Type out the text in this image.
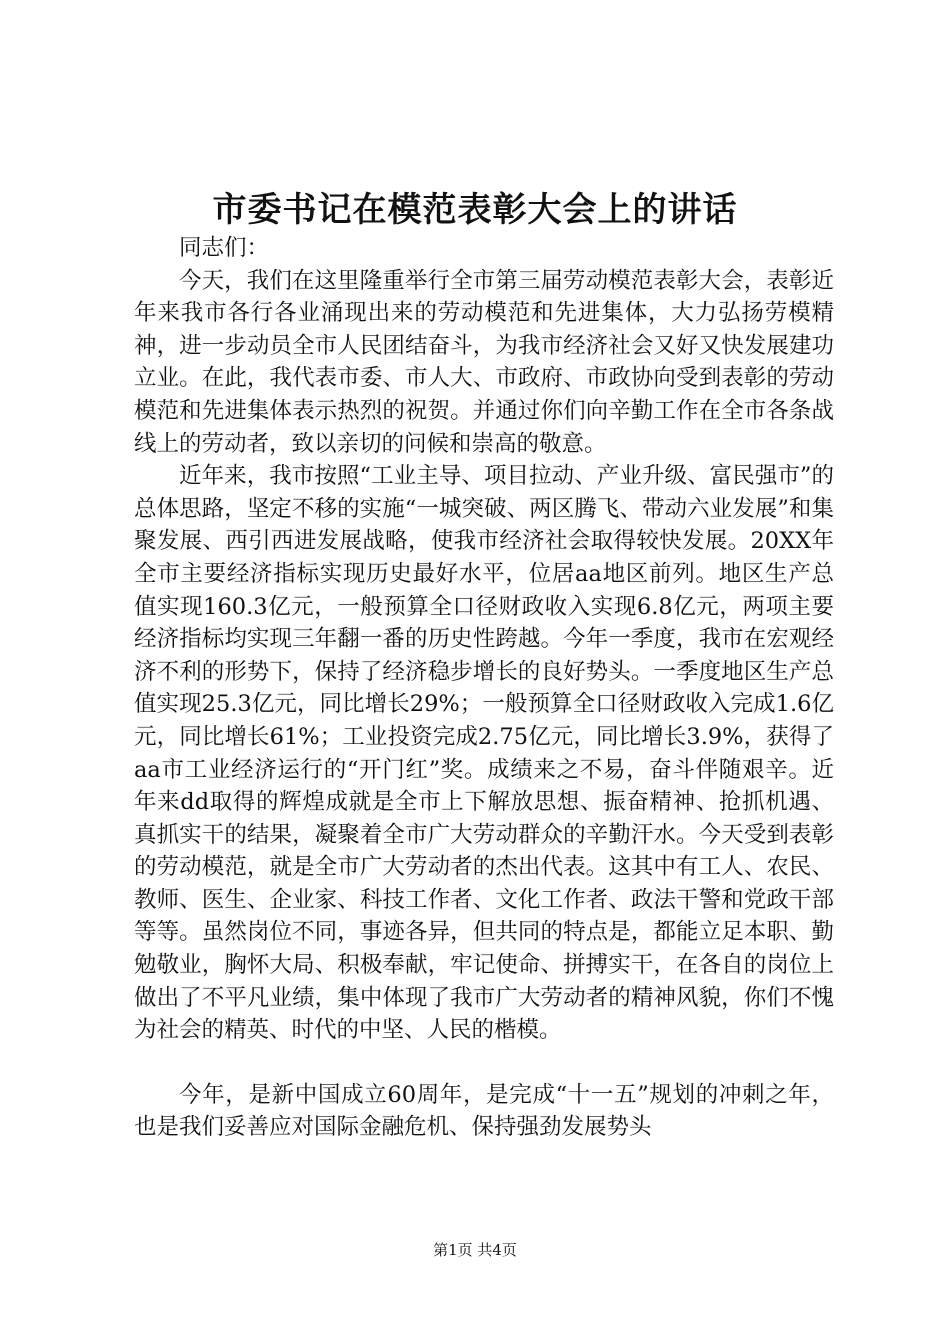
市委书记在模范表彰大会上的讲话

同志们：

今天，我们在这里隆重举行全市第三届劳动模范表彰大会，表彰近年来我市各行各业涌现出来的劳动模范和先进集体，大力弘扬劳模精神，进一步动员全市人民团结奋斗，为我市经济社会又好又快发展建功立业。在此，我代表市委、市人大、市政府、市政协向受到表彰的劳动模范和先进集体表示热烈的祝贺。并通过你们向辛勤工作在全市各条战线上的劳动者，致以亲切的问候和崇高的敬意。

近年来，我市按照“工业主导、项目拉动、产业升级、富民强市”的总体思路，坚定不移的实施“一城突破、两区腾飞、带动六业发展”和集聚发展、西引西进发展战略，使我市经济社会取得较快发展。20XX年全市主要经济指标实现历史最好水平，位居aa地区前列。地区生产总值实现160.3亿元，一般预算全口径财政收入实现6.8亿元，两项主要经济指标均实现三年翻一番的历史性跨越。今年一季度，我市在宏观经济不利的形势下，保持了经济稳步增长的良好势头。一季度地区生产总值实现25.3亿元，同比增长29%；一般预算全口径财政收入完成1.6亿元，同比增长61%；工业投资完成2.75亿元，同比增长3.9%，获得了aa市工业经济运行的“开门红”奖。成绩来之不易，奋斗伴随艰辛。近年来dd取得的辉煌成就是全市上下解放思想、振奋精神、抢抓机遇、真抓实干的结果，凝聚着全市广大劳动群众的辛勤汗水。今天受到表彰的劳动模范，就是全市广大劳动者的杰出代表。这其中有工人、农民、教师、医生、企业家、科技工作者、文化工作者、政法干警和党政干部等等。虽然岗位不同，事迹各异，但共同的特点是，都能立足本职、勤勉敬业，胸怀大局、积极奉献，牢记使命、拼搏实干，在各自的岗位上做出了不平凡业绩，集中体现了我市广大劳动者的精神风貌，你们不愧为社会的精英、时代的中坚、人民的楷模。

今年，是新中国成立60周年，是完成“十一五”规划的冲刺之年，也是我们妥善应对国际金融危机、保持强劲发展势头

第1页 共4页
